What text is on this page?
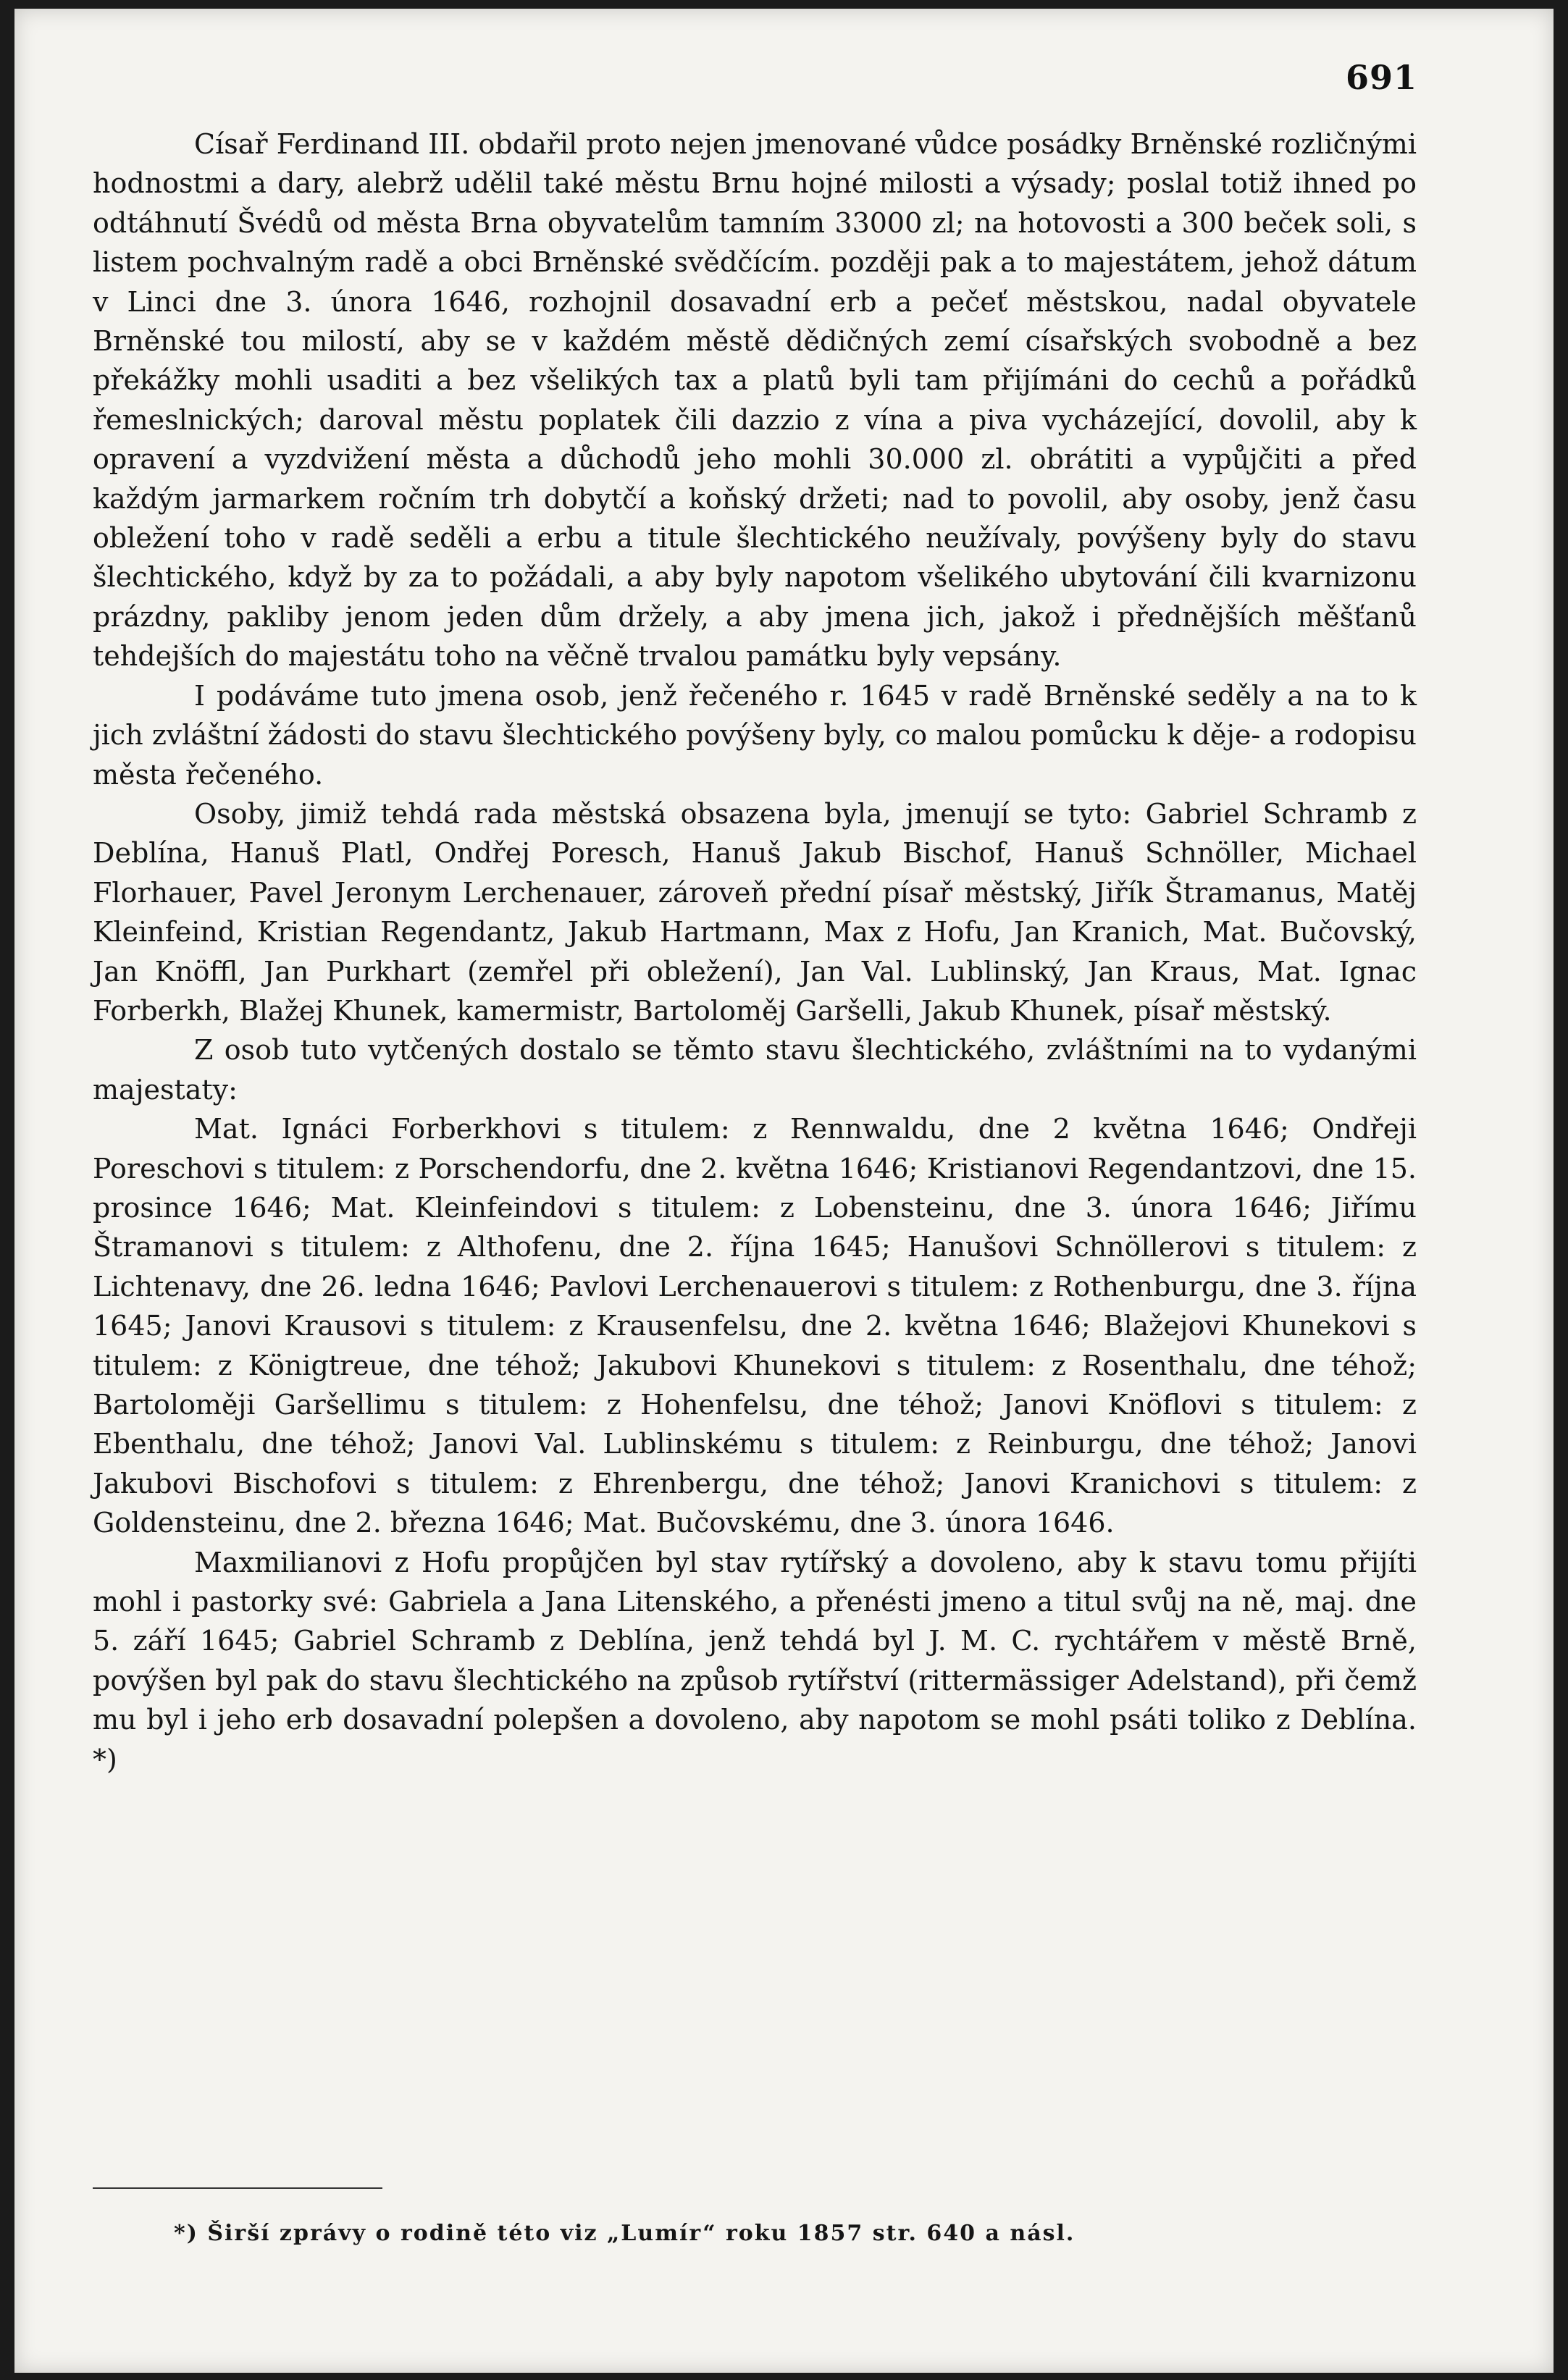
691

Císař Ferdinand III. obdařil proto nejen jmenované vůdce posádky Brněnské rozličnými hodnostmi a dary, alebrž udělil také městu Brnu hojné milosti a výsady; poslal totiž ihned po odtáhnutí Švédů od města Brna obyvatelům tamním 33000 zl; na hotovosti a 300 beček soli, s listem pochvalným radě a obci Brněnské svědčícím. později pak a to majestátem, jehož dátum v Linci dne 3. února 1646, rozhojnil dosavadní erb a pečeť městskou, nadal obyvatele Brněnské tou milostí, aby se v každém městě dědičných zemí císařských svobodně a bez překážky mohli usaditi a bez všelikých tax a platů byli tam přijímáni do cechů a pořádků řemeslnických; daroval městu poplatek čili dazzio z vína a piva vycházející, dovolil, aby k opravení a vyzdvižení města a důchodů jeho mohli 30.000 zl. obrátiti a vypůjčiti a před každým jarmarkem ročním trh dobytčí a koňský držeti; nad to povolil, aby osoby, jenž času obležení toho v radě seděli a erbu a titule šlechtického neužívaly, povýšeny byly do stavu šlechtického, když by za to požádali, a aby byly napotom všelikého ubytování čili kvarnizonu prázdny, pakliby jenom jeden dům držely, a aby jmena jich, jakož i přednějších měšťanů tehdejších do majestátu toho na věčně trvalou památku byly vepsány.

I podáváme tuto jmena osob, jenž řečeného r. 1645 v radě Brněnské seděly a na to k jich zvláštní žádosti do stavu šlechtického povýšeny byly, co malou pomůcku k děje- a rodopisu města řečeného.

Osoby, jimiž tehdá rada městská obsazena byla, jmenují se tyto: Gabriel Schramb z Deblína, Hanuš Platl, Ondřej Poresch, Hanuš Jakub Bischof, Hanuš Schnöller, Michael Florhauer, Pavel Jeronym Lerchenauer, zároveň přední písař městský, Jiřík Štramanus, Matěj Kleinfeind, Kristian Regendantz, Jakub Hartmann, Max z Hofu, Jan Kranich, Mat. Bučovský, Jan Knöffl, Jan Purkhart (zemřel při obležení), Jan Val. Lublinský, Jan Kraus, Mat. Ignac Forberkh, Blažej Khunek, kamermistr, Bartoloměj Garšelli, Jakub Khunek, písař městský.

Z osob tuto vytčených dostalo se těmto stavu šlechtického, zvláštními na to vydanými majestaty:

Mat. Ignáci Forberkhovi s titulem: z Rennwaldu, dne 2 května 1646; Ondřeji Poreschovi s titulem: z Porschendorfu, dne 2. května 1646; Kristianovi Regendantzovi, dne 15. prosince 1646; Mat. Kleinfeindovi s titulem: z Lobensteinu, dne 3. února 1646; Jiřímu Štramanovi s titulem: z Althofenu, dne 2. října 1645; Hanušovi Schnöllerovi s titulem: z Lichtenavy, dne 26. ledna 1646; Pavlovi Lerchenauerovi s titulem: z Rothenburgu, dne 3. října 1645; Janovi Krausovi s titulem: z Krausenfelsu, dne 2. května 1646; Blažejovi Khunekovi s titulem: z Königtreue, dne téhož; Jakubovi Khunekovi s titulem: z Rosenthalu, dne téhož; Bartoloměji Garšellimu s titulem: z Hohenfelsu, dne téhož; Janovi Knöflovi s titulem: z Ebenthalu, dne téhož; Janovi Val. Lublinskému s titulem: z Reinburgu, dne téhož; Janovi Jakubovi Bischofovi s titulem: z Ehrenbergu, dne téhož; Janovi Kranichovi s titulem: z Goldensteinu, dne 2. března 1646; Mat. Bučovskému, dne 3. února 1646.

Maxmilianovi z Hofu propůjčen byl stav rytířský a dovoleno, aby k stavu tomu přijíti mohl i pastorky své: Gabriela a Jana Litenského, a přenésti jmeno a titul svůj na ně, maj. dne 5. září 1645; Gabriel Schramb z Deblína, jenž tehdá byl J. M. C. rychtářem v městě Brně, povýšen byl pak do stavu šlechtického na způsob rytířství (rittermässiger Adelstand), při čemž mu byl i jeho erb dosavadní polepšen a dovoleno, aby napotom se mohl psáti toliko z Deblína. *)

*) Širší zprávy o rodině této viz „Lumír“ roku 1857 str. 640 a násl.
